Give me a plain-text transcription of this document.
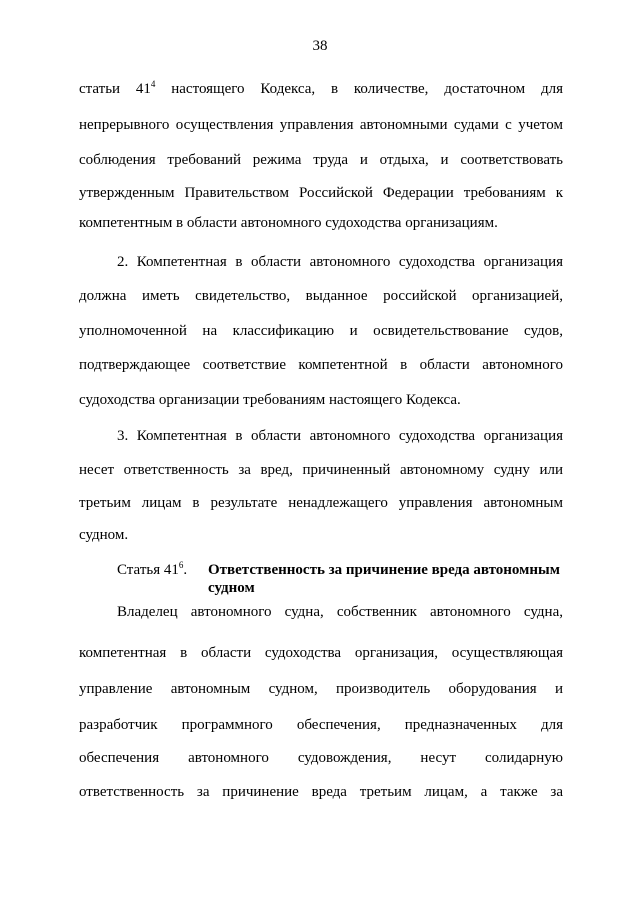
38
статьи $41^4$ настоящего Кодекса, в количестве, достаточном для
непрерывного осуществления управления автономными судами с учетом
соблюдения требований режима труда и отдыха, и соответствовать
утвержденным Правительством Российской Федерации требованиям к
компетентным в области автономного судоходства организациям.
2. Компетентная в области автономного судоходства организация
должна иметь свидетельство, выданное российской организацией,
уполномоченной на классификацию и освидетельствование судов,
подтверждающее соответствие компетентной в области автономного
судоходства организации требованиям настоящего Кодекса.
3. Компетентная в области автономного судоходства организация
несет ответственность за вред, причиненный автономному судну или
третьим лицам в результате ненадлежащего управления автономным
судном.
Статья $41^6$. Ответственность за причинение вреда автономным
судном
Владелец автономного судна, собственник автономного судна,
компетентная в области судоходства организация, осуществляющая
управление автономным судном, производитель оборудования и
разработчик программного обеспечения, предназначенных для
обеспечения автономного судовождения, несут солидарную
ответственность за причинение вреда третьим лицам, а также за
